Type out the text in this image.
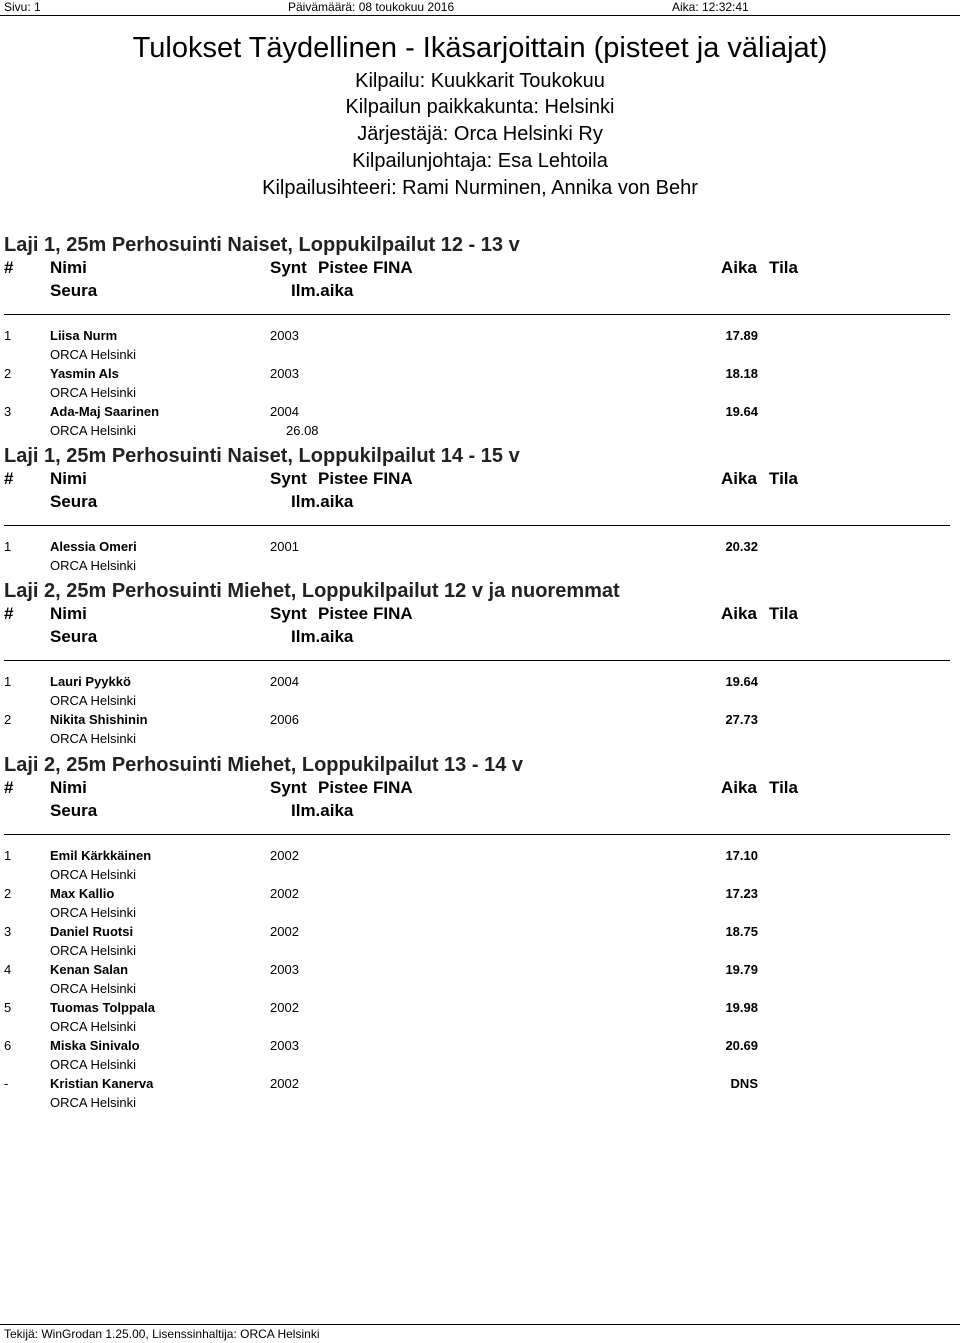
Sivu: 1	Päivämäärä: 08 toukokuu 2016	Aika: 12:32:41
Tulokset Täydellinen - Ikäsarjoittain (pisteet ja väliajat)
Kilpailu: Kuukkarit Toukokuu
Kilpailun paikkakunta: Helsinki
Järjestäjä: Orca Helsinki Ry
Kilpailunjohtaja: Esa Lehtoila
Kilpailusihteeri: Rami Nurminen, Annika von Behr
Laji 1, 25m Perhosuinti Naiset, Loppukilpailut 12 - 13 v
# Nimi	Synt Pistee FINA	Aika Tila
Seura	Ilm.aika
1	Liisa Nurm	2003	17.89
ORCA Helsinki
2	Yasmin Als	2003	18.18
ORCA Helsinki
3	Ada-Maj Saarinen	2004	19.64
ORCA Helsinki	26.08
Laji 1, 25m Perhosuinti Naiset, Loppukilpailut 14 - 15 v
# Nimi	Synt Pistee FINA	Aika Tila
Seura	Ilm.aika
1	Alessia Omeri	2001	20.32
ORCA Helsinki
Laji 2, 25m Perhosuinti Miehet, Loppukilpailut 12 v ja nuoremmat
# Nimi	Synt Pistee FINA	Aika Tila
Seura	Ilm.aika
1	Lauri Pyykkö	2004	19.64
ORCA Helsinki
2	Nikita Shishinin	2006	27.73
ORCA Helsinki
Laji 2, 25m Perhosuinti Miehet, Loppukilpailut 13 - 14 v
# Nimi	Synt Pistee FINA	Aika Tila
Seura	Ilm.aika
1	Emil Kärkkäinen	2002	17.10
ORCA Helsinki
2	Max Kallio	2002	17.23
ORCA Helsinki
3	Daniel Ruotsi	2002	18.75
ORCA Helsinki
4	Kenan Salan	2003	19.79
ORCA Helsinki
5	Tuomas Tolppala	2002	19.98
ORCA Helsinki
6	Miska Sinivalo	2003	20.69
ORCA Helsinki
-	Kristian Kanerva	2002	DNS
ORCA Helsinki
Tekijä: WinGrodan 1.25.00, Lisenssinhaltija: ORCA Helsinki
